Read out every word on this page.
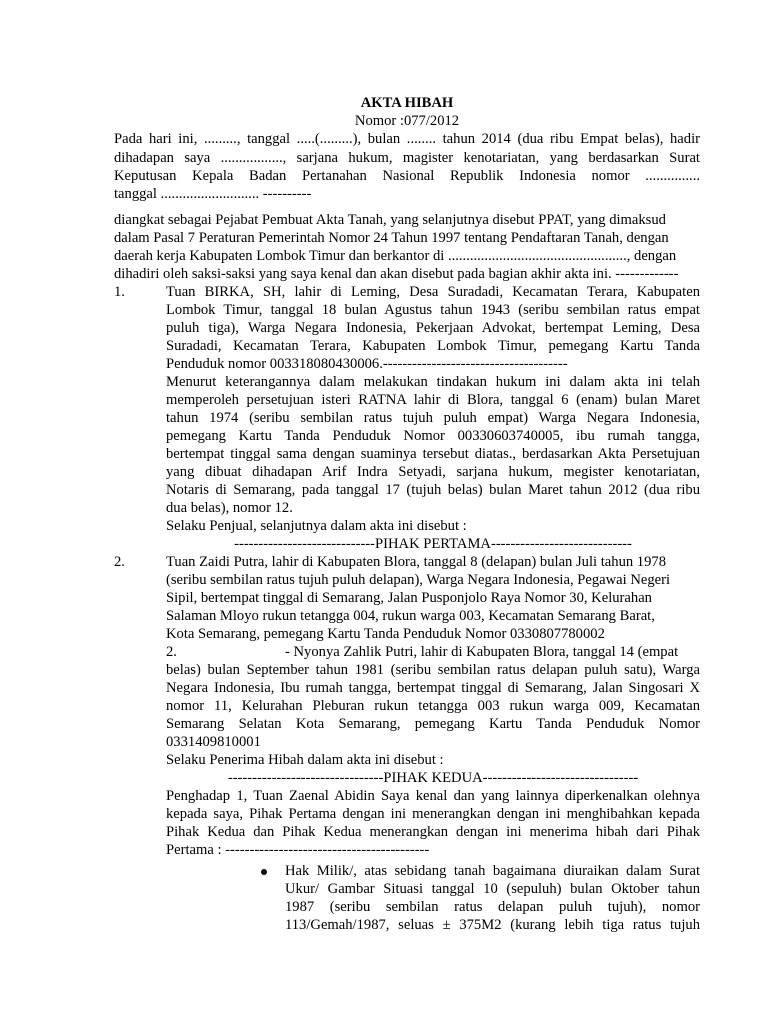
AKTA HIBAH
Nomor :077/2012
Pada hari ini, ........., tanggal .....(.........), bulan ........ tahun 2014 (dua ribu Empat belas), hadir
dihadapan saya ................., sarjana hukum, magister kenotariatan, yang berdasarkan Surat
Keputusan Kepala Badan Pertanahan Nasional Republik Indonesia nomor ...............
tanggal ........................... ----------
diangkat sebagai Pejabat Pembuat Akta Tanah, yang selanjutnya disebut PPAT, yang dimaksud
dalam Pasal 7 Peraturan Pemerintah Nomor 24 Tahun 1997 tentang Pendaftaran Tanah, dengan
daerah kerja Kabupaten Lombok Timur dan berkantor di ................................................., dengan
dihadiri oleh saksi-saksi yang saya kenal dan akan disebut pada bagian akhir akta ini. -------------
1.	Tuan BIRKA, SH, lahir di Leming, Desa Suradadi, Kecamatan Terara, Kabupaten
Lombok Timur, tanggal 18 bulan Agustus tahun 1943 (seribu sembilan ratus empat
puluh tiga), Warga Negara Indonesia, Pekerjaan Advokat, bertempat Leming, Desa
Suradadi, Kecamatan Terara, Kabupaten Lombok Timur, pemegang Kartu Tanda
Penduduk nomor 003318080430006.--------------------------------------
Menurut keterangannya dalam melakukan tindakan hukum ini dalam akta ini telah
memperoleh persetujuan isteri RATNA lahir di Blora, tanggal 6 (enam) bulan Maret
tahun 1974 (seribu sembilan ratus tujuh puluh empat) Warga Negara Indonesia,
pemegang Kartu Tanda Penduduk Nomor 00330603740005, ibu rumah tangga,
bertempat tinggal sama dengan suaminya tersebut diatas., berdasarkan Akta Persetujuan
yang dibuat dihadapan Arif Indra Setyadi, sarjana hukum, megister kenotariatan,
Notaris di Semarang, pada tanggal 17 (tujuh belas) bulan Maret tahun 2012 (dua ribu
dua belas), nomor 12.
Selaku Penjual, selanjutnya dalam akta ini disebut :
-----------------------------PIHAK PERTAMA-----------------------------
2.	Tuan Zaidi Putra, lahir di Kabupaten Blora, tanggal 8 (delapan) bulan Juli tahun 1978
(seribu sembilan ratus tujuh puluh delapan), Warga Negara Indonesia, Pegawai Negeri
Sipil, bertempat tinggal di Semarang, Jalan Pusponjolo Raya Nomor 30, Kelurahan
Salaman Mloyo rukun tetangga 004, rukun warga 003, Kecamatan Semarang Barat,
Kota Semarang, pemegang Kartu Tanda Penduduk Nomor 0330807780002
2.	- Nyonya Zahlik Putri, lahir di Kabupaten Blora, tanggal 14 (empat
belas) bulan September tahun 1981 (seribu sembilan ratus delapan puluh satu), Warga
Negara Indonesia, Ibu rumah tangga, bertempat tinggal di Semarang, Jalan Singosari X
nomor 11, Kelurahan Pleburan rukun tetangga 003 rukun warga 009, Kecamatan
Semarang Selatan Kota Semarang, pemegang Kartu Tanda Penduduk Nomor
0331409810001
Selaku Penerima Hibah dalam akta ini disebut :
--------------------------------PIHAK KEDUA--------------------------------
Penghadap 1, Tuan Zaenal Abidin Saya kenal dan yang lainnya diperkenalkan olehnya
kepada saya, Pihak Pertama dengan ini menerangkan dengan ini menghibahkan kepada
Pihak Kedua dan Pihak Kedua menerangkan dengan ini menerima hibah dari Pihak
Pertama : ------------------------------------------
Hak Milik/, atas sebidang tanah bagaimana diuraikan dalam Surat
Ukur/ Gambar Situasi tanggal 10 (sepuluh) bulan Oktober tahun
1987 (seribu sembilan ratus delapan puluh tujuh), nomor
113/Gemah/1987, seluas ± 375M2 (kurang lebih tiga ratus tujuh
